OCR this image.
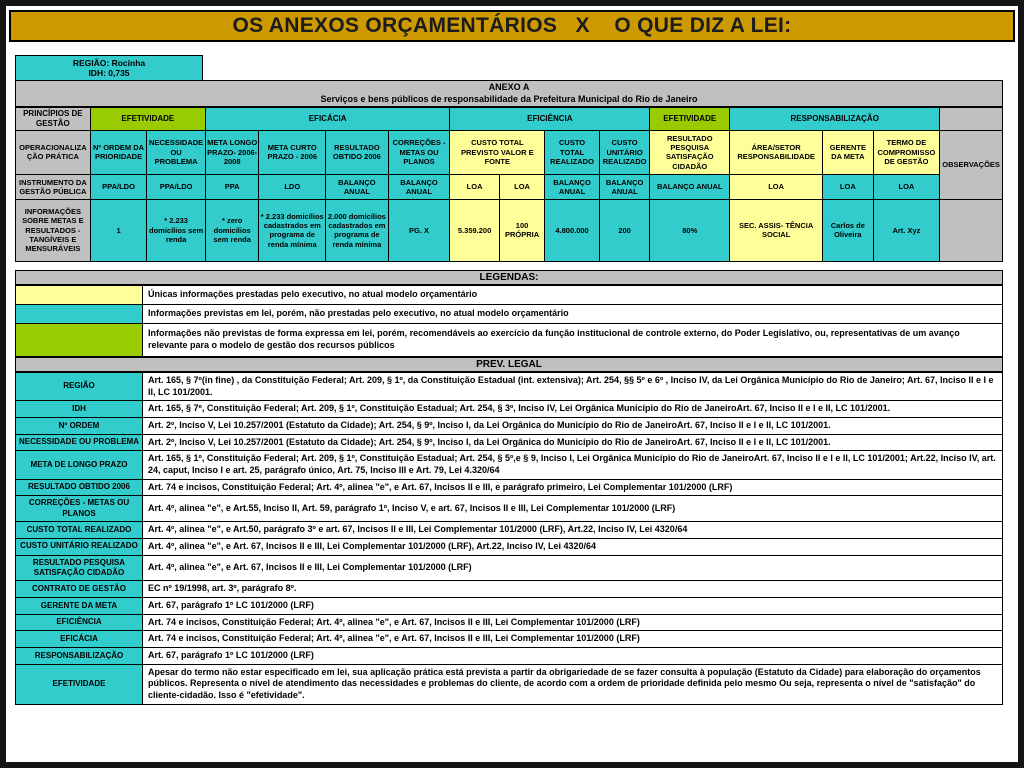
OS ANEXOS ORÇAMENTÁRIOS   X    O QUE DIZ A LEI:
REGIÃO: Rocinha
IDH: 0,735
ANEXO A
Serviços e bens públicos de responsabilidade da Prefeitura Municipal do Rio de Janeiro
PRINCÍPIOS DE GESTÃO	EFETIVIDADE		EFICÁCIA				EFICIÊNCIA				EFETIVIDADE	RESPONSABILIZAÇÃO			
OPERACIONALIZAÇÃO PRÁTICA	Nº ORDEM DA PRIORIDADE	NECESSIDADE OU PROBLEMA	META LONGO PRAZO- 2006-2008	META CURTO PRAZO - 2006	RESULTADO OBTIDO 2006	CORREÇÕES - METAS OU PLANOS	CUSTO TOTAL PREVISTO VALOR E FONTE		CUSTO TOTAL REALIZADO	CUSTO UNITÁRIO REALIZADO	RESULTADO PESQUISA SATISFAÇÃO CIDADÃO	ÁREA/SETOR RESPONSABILIDADE	GERENTE DA META	TERMO DE COMPROMISSO DE GESTÃO	OBSERVAÇÕES
INSTRUMENTO DA GESTÃO PÚBLICA	PPA/LDO	PPA/LDO	PPA	LDO	BALANÇO ANUAL	BALANÇO ANUAL	LOA	LOA	BALANÇO ANUAL	BALANÇO ANUAL	BALANÇO ANUAL	LOA	LOA	LOA	
INFORMAÇÕES SOBRE METAS E RESULTADOS - TANGÍVEIS E MENSURÁVEIS	1	* 2.233 domicílios sem renda	* zero domicílios sem renda	* 2.233 domicílios cadastrados em programa de renda mínima	2.000 domicílios cadastrados em programa de renda mínima	PG. X	5.359.200	100 PRÓPRIA	4.800.000	200	80%	SEC. ASSIS- TÊNCIA SOCIAL	Carlos de Oliveira	Art. Xyz	
LEGENDAS:
	Únicas informações prestadas pelo executivo, no atual modelo orçamentário
	Informações previstas em lei, porém, não prestadas pelo executivo, no atual modelo orçamentário
	Informações não previstas de forma expressa em lei, porém, recomendáveis ao exercício da função institucional de controle externo, do Poder Legislativo, ou, representativas de um avanço relevante para o modelo de gestão dos recursos públicos
PREV. LEGAL
REGIÃO	Art. 165, § 7º(in fine) , da Constituição Federal; Art. 209, § 1º, da Constituição Estadual (int. extensiva); Art. 254, §§ 5º e 6º , Inciso IV, da Lei Orgânica Município do Rio de Janeiro; Art. 67, Inciso II e I e II, LC 101/2001.
IDH	Art. 165, § 7º, Constituição Federal; Art. 209, § 1º, Constituição Estadual; Art. 254, § 3º, Inciso IV, Lei Orgânica Município do Rio de JaneiroArt. 67, Inciso II e I e II, LC 101/2001.
Nº ORDEM	Art. 2º, Inciso V, Lei 10.257/2001 (Estatuto da Cidade); Art. 254, § 9º, Inciso I, da Lei Orgânica do Município do Rio de JaneiroArt. 67, Inciso II e I e II, LC 101/2001.
NECESSIDADE OU PROBLEMA	Art. 2º, Inciso V, Lei 10.257/2001 (Estatuto da Cidade); Art. 254, § 9º, Inciso I, da Lei Orgânica do Município do Rio de JaneiroArt. 67, Inciso II e I e II, LC 101/2001.
META DE LONGO PRAZO	Art. 165, § 1º, Constituição Federal; Art. 209, § 1º, Constituição Estadual; Art. 254, § 5º,e § 9, Inciso I, Lei Orgânica Município do Rio de JaneiroArt. 67, Inciso II e I e II, LC 101/2001; Art.22, Inciso IV, art. 24, caput, Inciso I e art. 25, parágrafo único, Art. 75, Inciso III e Art. 79, Lei 4.320/64
RESULTADO OBTIDO 2006	Art. 74 e incisos, Constituição Federal; Art. 4º, alinea "e", e Art. 67, Incisos II e III, e parágrafo primeiro, Lei Complementar 101/2000 (LRF)
CORREÇÕES - METAS OU PLANOS	Art. 4º, alinea "e", e Art.55, Inciso II, Art. 59, parágrafo 1º, Inciso V, e art. 67, Incisos II e III, Lei Complementar 101/2000 (LRF)
CUSTO TOTAL REALIZADO	Art. 4º, alinea "e", e Art.50, parágrafo 3º e art. 67, Incisos II e III, Lei Complementar 101/2000 (LRF), Art.22, Inciso IV, Lei 4320/64
CUSTO UNITÁRIO REALIZADO	Art. 4º, alinea "e", e Art. 67, Incisos II e III, Lei Complementar 101/2000 (LRF), Art.22, Inciso IV, Lei 4320/64
RESULTADO PESQUISA SATISFAÇÃO CIDADÃO	Art. 4º, alinea "e", e Art. 67, Incisos II e III, Lei Complementar 101/2000 (LRF)
CONTRATO DE GESTÃO	EC nº 19/1998, art. 3º, parágrafo 8º.
GERENTE DA META	Art. 67, parágrafo 1º LC 101/2000 (LRF)
EFICIÊNCIA	Art. 74 e incisos, Constituição Federal; Art. 4º, alinea "e", e Art. 67, Incisos II e III, Lei Complementar 101/2000 (LRF)
EFICÁCIA	Art. 74 e incisos, Constituição Federal; Art. 4º, alinea "e", e Art. 67, Incisos II e III, Lei Complementar 101/2000 (LRF)
RESPONSABILIZAÇÃO	Art. 67, parágrafo 1º LC 101/2000 (LRF)
EFETIVIDADE	Apesar do termo não estar especificado em lei, sua aplicação prática está prevista a partir da obrigariedade de se fazer consulta à população (Estatuto da Cidade) para elaboração do orçamentos públicos. Representa o nível de atendimento das necessidades e problemas do cliente, de acordo com a ordem de prioridade definida pelo mesmo Ou seja, representa o nível de "satisfação" do cliente-cidadão. Isso é "efetividade".
